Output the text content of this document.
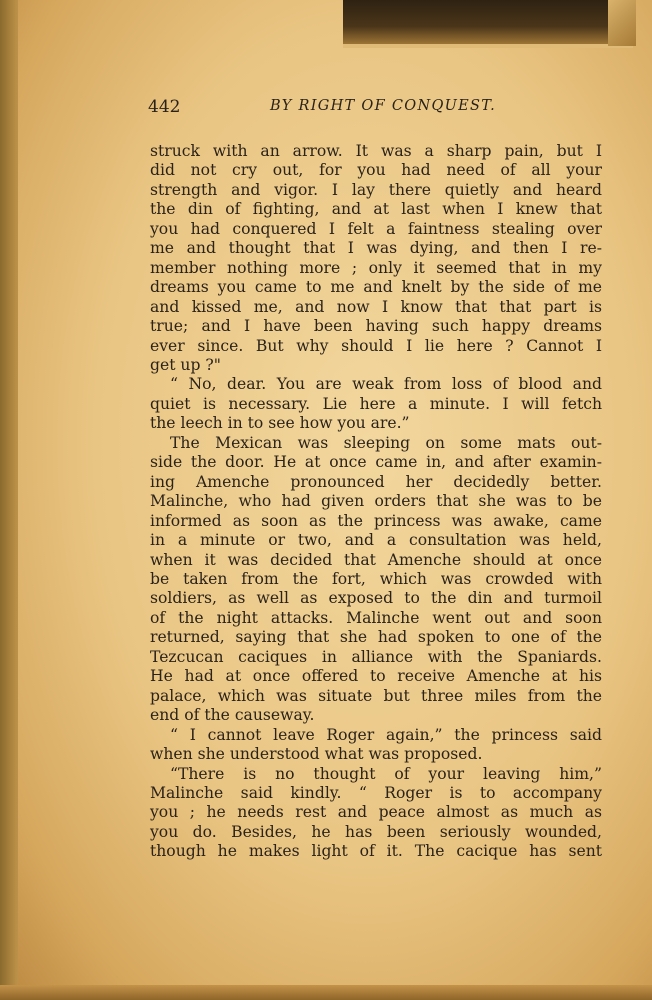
442	BY RIGHT OF CONQUEST.
struck with an arrow. It was a sharp pain, but I
did not cry out, for you had need of all your
strength and vigor. I lay there quietly and heard
the din of fighting, and at last when I knew that
you had conquered I felt a faintness stealing over
me and thought that I was dying, and then I re-
member nothing more ; only it seemed that in my
dreams you came to me and knelt by the side of me
and kissed me, and now I know that that part is
true; and I have been having such happy dreams
ever since. But why should I lie here ? Cannot I
get up ?"
“ No, dear. You are weak from loss of blood and
quiet is necessary. Lie here a minute. I will fetch
the leech in to see how you are.”
The Mexican was sleeping on some mats out-
side the door. He at once came in, and after examin-
ing Amenche pronounced her decidedly better.
Malinche, who had given orders that she was to be
informed as soon as the princess was awake, came
in a minute or two, and a consultation was held,
when it was decided that Amenche should at once
be taken from the fort, which was crowded with
soldiers, as well as exposed to the din and turmoil
of the night attacks. Malinche went out and soon
returned, saying that she had spoken to one of the
Tezcucan caciques in alliance with the Spaniards.
He had at once offered to receive Amenche at his
palace, which was situate but three miles from the
end of the causeway.
“ I cannot leave Roger again,” the princess said
when she understood what was proposed.
“There is no thought of your leaving him,”
Malinche said kindly. “ Roger is to accompany
you ; he needs rest and peace almost as much as
you do. Besides, he has been seriously wounded,
though he makes light of it. The cacique has sent
